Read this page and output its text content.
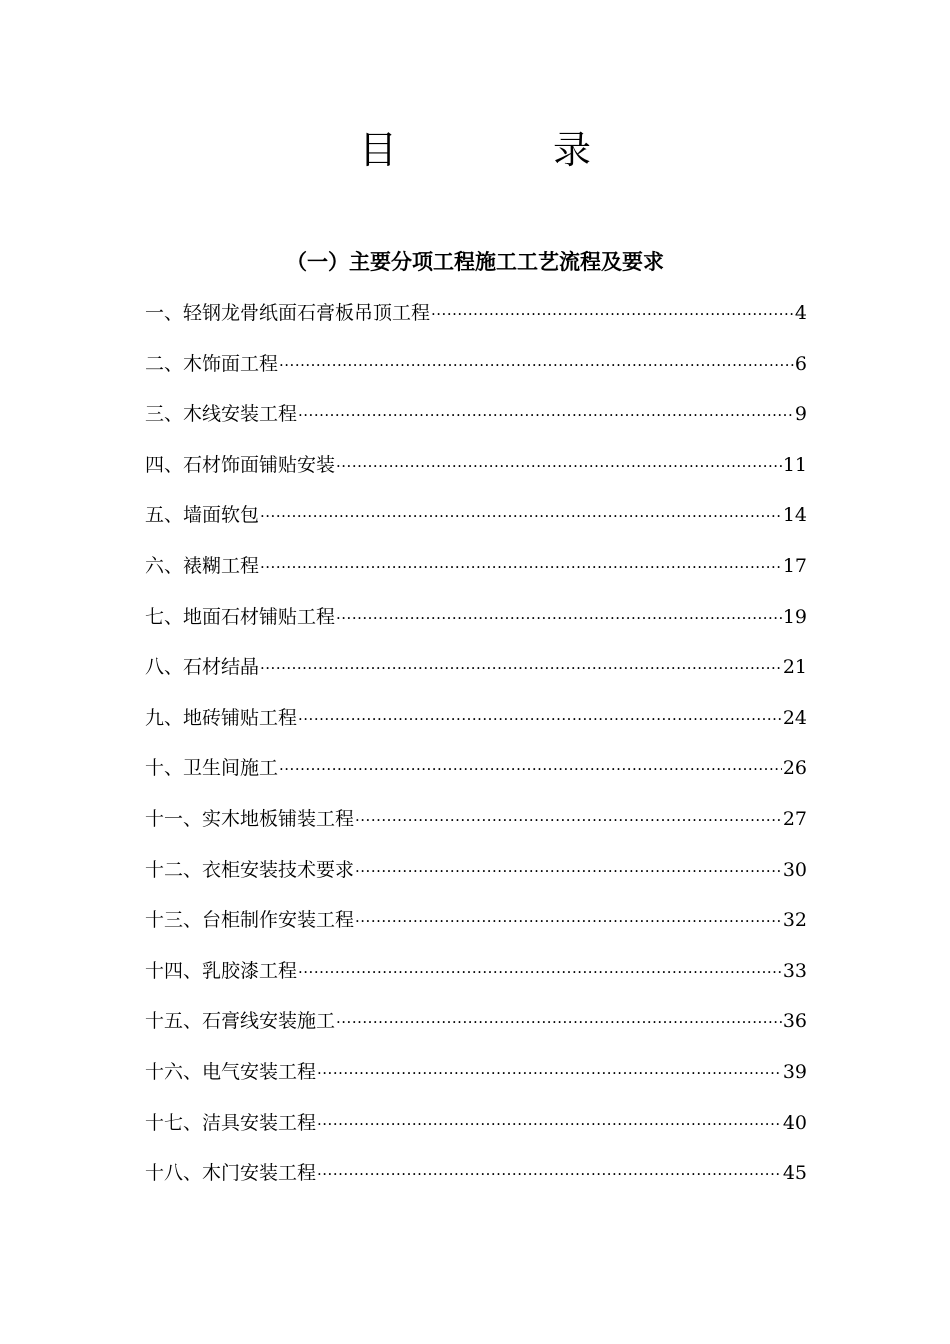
目 录
（一）主要分项工程施工工艺流程及要求
一、轻钢龙骨纸面石膏板吊顶工程 ·····	4
二、木饰面工程 ·····	6
三、木线安装工程 ·····	9
四、石材饰面铺贴安装 ·····	11
五、墙面软包 ·····	14
六、裱糊工程 ·····	17
七、地面石材铺贴工程 ·····	19
八、石材结晶 ·····	21
九、地砖铺贴工程 ·····	24
十、卫生间施工 ·····	26
十一、实木地板铺装工程 ·····	27
十二、衣柜安装技术要求 ·····	30
十三、台柜制作安装工程 ·····	32
十四、乳胶漆工程 ·····	33
十五、石膏线安装施工 ·····	36
十六、电气安装工程 ·····	39
十七、洁具安装工程 ·····	40
十八、木门安装工程 ·····	45
